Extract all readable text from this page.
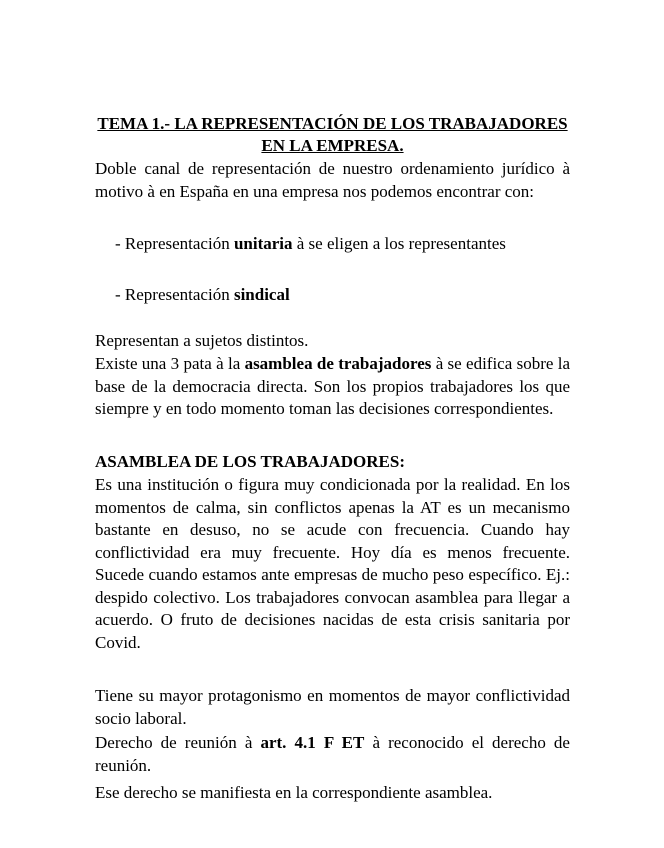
TEMA 1.- LA REPRESENTACIÓN DE LOS TRABAJADORES EN LA EMPRESA.

Doble canal de representación de nuestro ordenamiento jurídico à motivo à en España en una empresa nos podemos encontrar con:

- Representación unitaria à se eligen a los representantes

- Representación sindical

Representan a sujetos distintos.

Existe una 3 pata à la asamblea de trabajadores à se edifica sobre la base de la democracia directa. Son los propios trabajadores los que siempre y en todo momento toman las decisiones correspondientes.

ASAMBLEA DE LOS TRABAJADORES:

Es una institución o figura muy condicionada por la realidad. En los momentos de calma, sin conflictos apenas la AT es un mecanismo bastante en desuso, no se acude con frecuencia. Cuando hay conflictividad era muy frecuente. Hoy día es menos frecuente. Sucede cuando estamos ante empresas de mucho peso específico. Ej.: despido colectivo. Los trabajadores convocan asamblea para llegar a acuerdo. O fruto de decisiones nacidas de esta crisis sanitaria por Covid.

Tiene su mayor protagonismo en momentos de mayor conflictividad socio laboral.

Derecho de reunión à art. 4.1 F ET à reconocido el derecho de reunión.

Ese derecho se manifiesta en la correspondiente asamblea.
